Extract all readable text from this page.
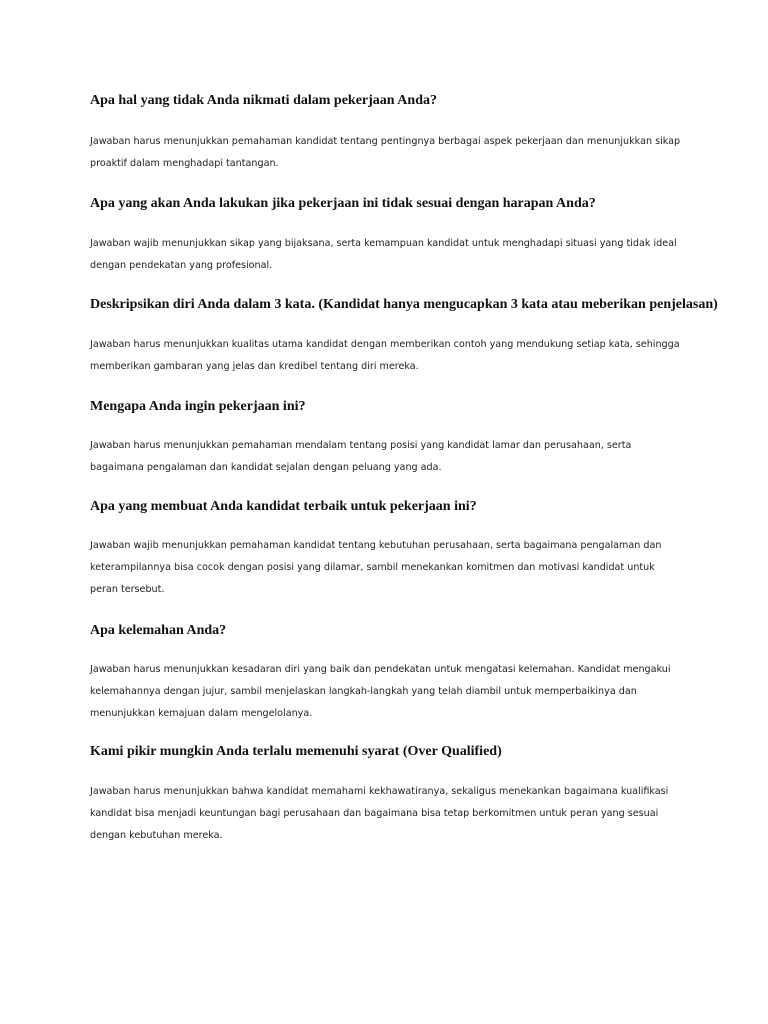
Apa hal yang tidak Anda nikmati dalam pekerjaan Anda?

Jawaban harus menunjukkan pemahaman kandidat tentang pentingnya berbagai aspek pekerjaan dan menunjukkan sikap proaktif dalam menghadapi tantangan.

Apa yang akan Anda lakukan jika pekerjaan ini tidak sesuai dengan harapan Anda?

Jawaban wajib menunjukkan sikap yang bijaksana, serta kemampuan kandidat untuk menghadapi situasi yang tidak ideal dengan pendekatan yang profesional.

Deskripsikan diri Anda dalam 3 kata. (Kandidat hanya mengucapkan 3 kata atau meberikan penjelasan)

Jawaban harus menunjukkan kualitas utama kandidat dengan memberikan contoh yang mendukung setiap kata, sehingga memberikan gambaran yang jelas dan kredibel tentang diri mereka.

Mengapa Anda ingin pekerjaan ini?

Jawaban harus menunjukkan pemahaman mendalam tentang posisi yang kandidat lamar dan perusahaan, serta bagaimana pengalaman dan kandidat sejalan dengan peluang yang ada.

Apa yang membuat Anda kandidat terbaik untuk pekerjaan ini?

Jawaban wajib menunjukkan pemahaman kandidat tentang kebutuhan perusahaan, serta bagaimana pengalaman dan keterampilannya bisa cocok dengan posisi yang dilamar, sambil menekankan komitmen dan motivasi kandidat untuk peran tersebut.

Apa kelemahan Anda?

Jawaban harus menunjukkan kesadaran diri yang baik dan pendekatan untuk mengatasi kelemahan. Kandidat mengakui kelemahannya dengan jujur, sambil menjelaskan langkah-langkah yang telah diambil untuk memperbaikinya dan menunjukkan kemajuan dalam mengelolanya.

Kami pikir mungkin Anda terlalu memenuhi syarat (Over Qualified)

Jawaban harus menunjukkan bahwa kandidat memahami kekhawatiranya, sekaligus menekankan bagaimana kualifikasi kandidat bisa menjadi keuntungan bagi perusahaan dan bagaimana bisa tetap berkomitmen untuk peran yang sesuai dengan kebutuhan mereka.
